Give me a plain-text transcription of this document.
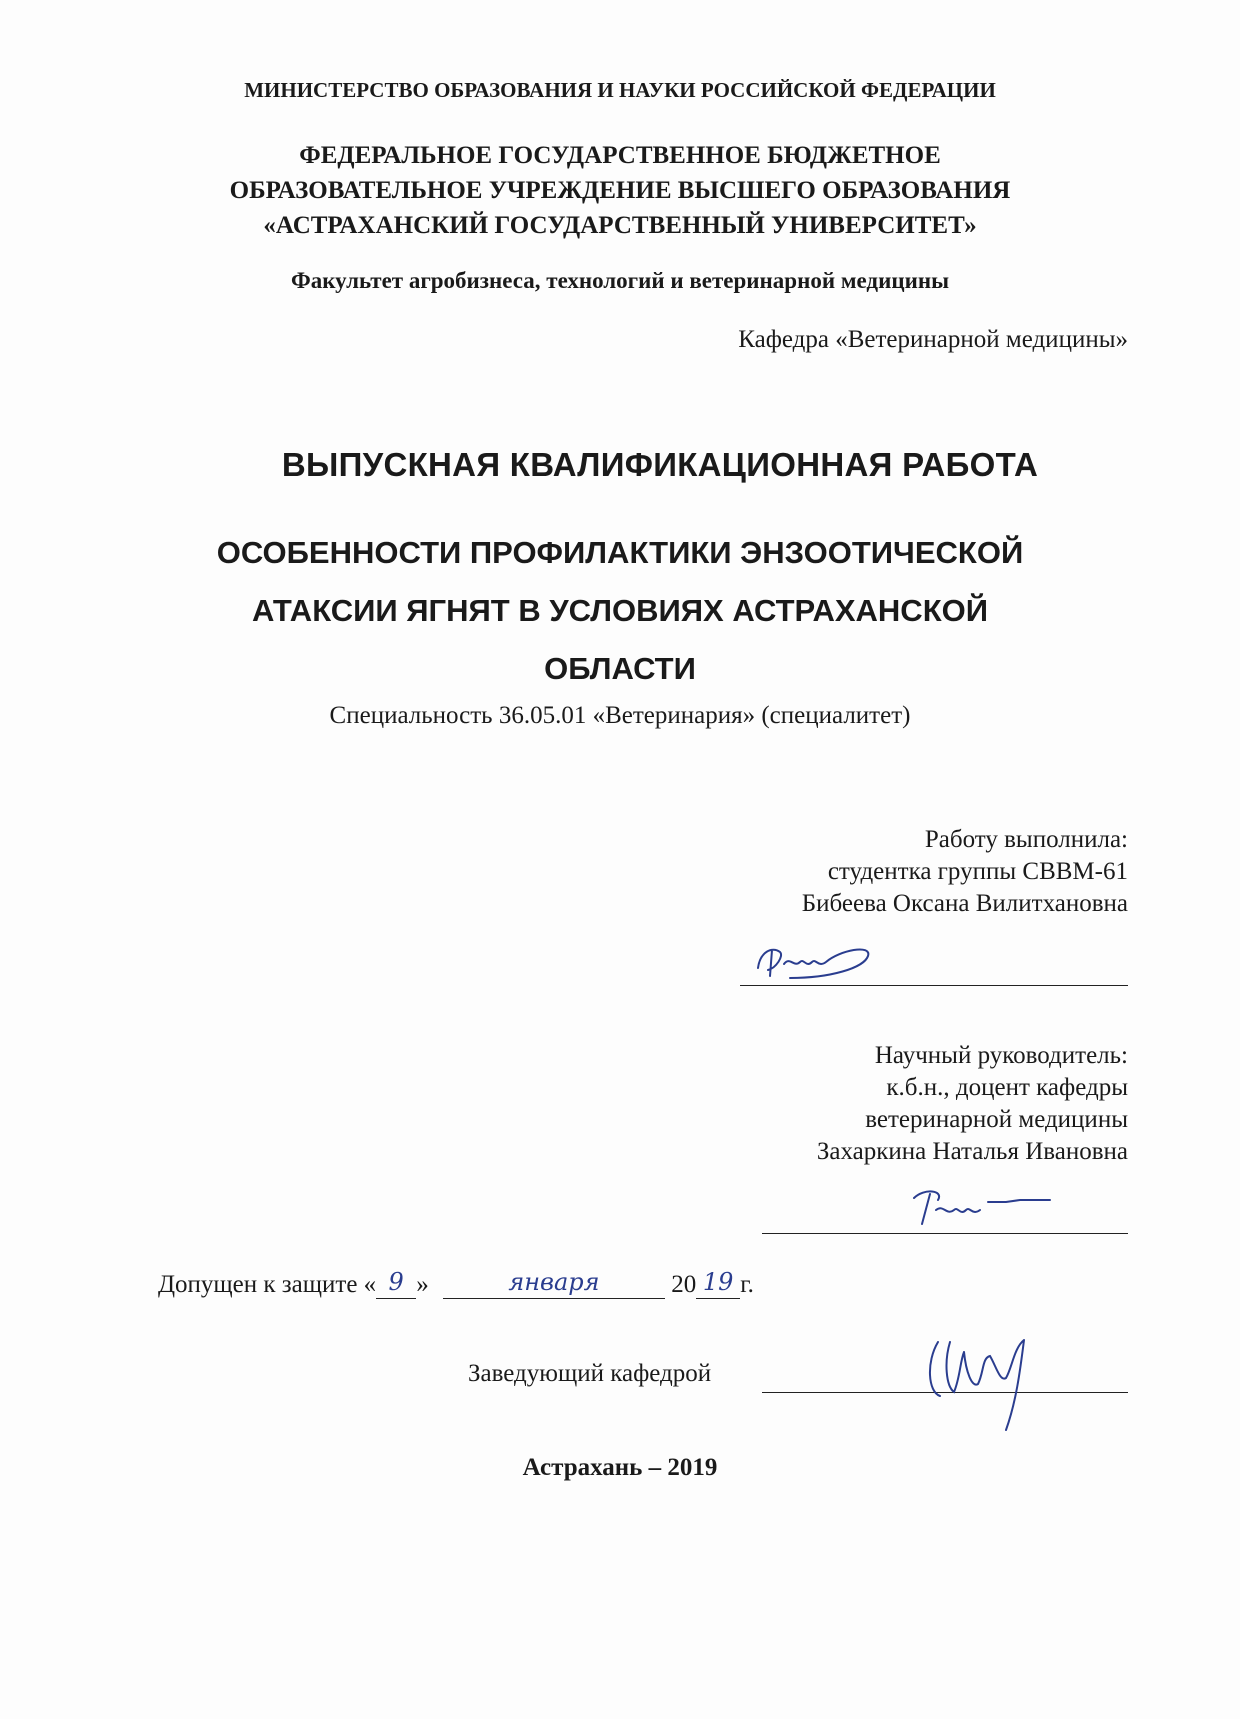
МИНИСТЕРСТВО ОБРАЗОВАНИЯ И НАУКИ РОССИЙСКОЙ ФЕДЕРАЦИИ
ФЕДЕРАЛЬНОЕ ГОСУДАРСТВЕННОЕ БЮДЖЕТНОЕ
ОБРАЗОВАТЕЛЬНОЕ УЧРЕЖДЕНИЕ ВЫСШЕГО ОБРАЗОВАНИЯ
«АСТРАХАНСКИЙ ГОСУДАРСТВЕННЫЙ УНИВЕРСИТЕТ»
Факультет агробизнеса, технологий и ветеринарной медицины
Кафедра «Ветеринарной медицины»
ВЫПУСКНАЯ КВАЛИФИКАЦИОННАЯ РАБОТА
ОСОБЕННОСТИ ПРОФИЛАКТИКИ ЭНЗООТИЧЕСКОЙ
АТАКСИИ ЯГНЯТ В УСЛОВИЯХ АСТРАХАНСКОЙ
ОБЛАСТИ
Специальность 36.05.01 «Ветеринария» (специалитет)
Работу выполнила:
студентка группы СВВМ-61
Бибеева Оксана Вилитхановна
Научный руководитель:
к.б.н., доцент кафедры
ветеринарной медицины
Захаркина Наталья Ивановна
Допущен к защите « 9 »	января	20 19 г.
Заведующий кафедрой
Астрахань – 2019
